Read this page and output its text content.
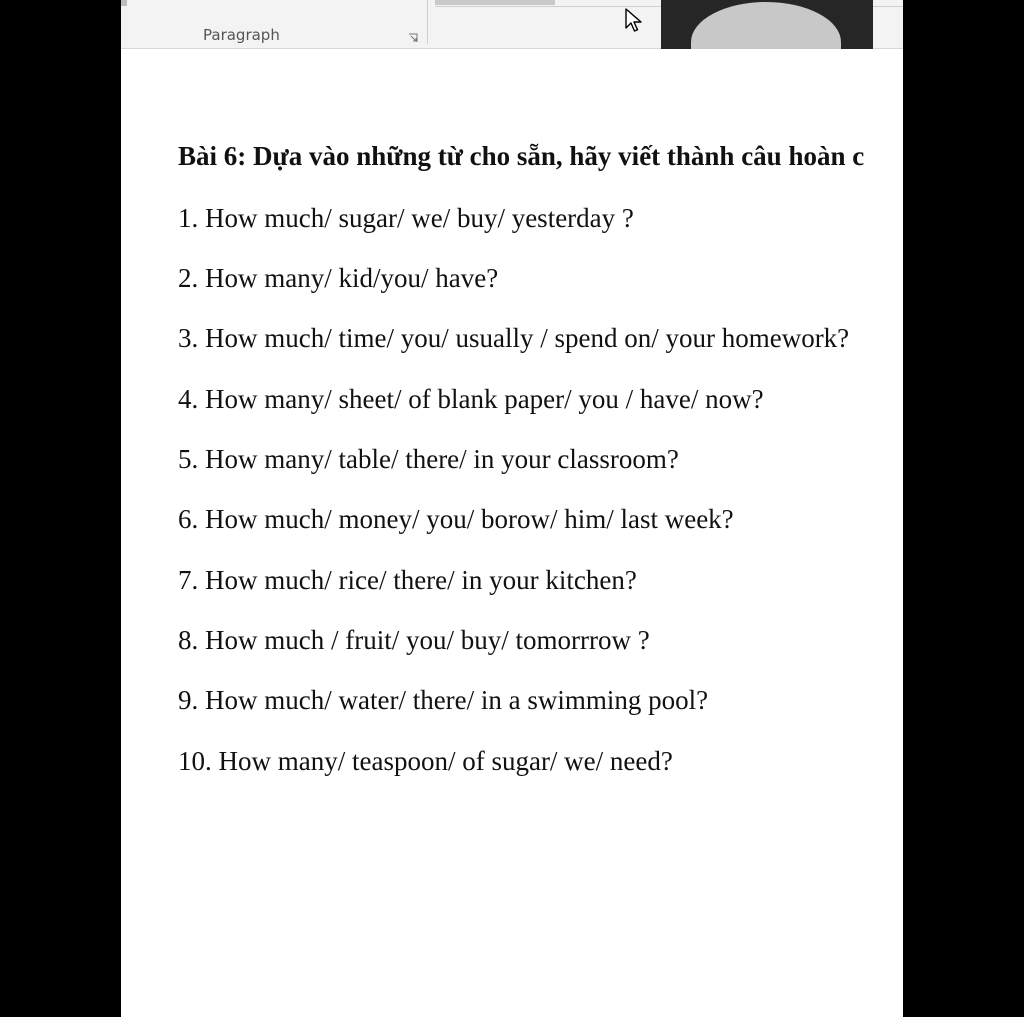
Paragraph

Bài 6: Dựa vào những từ cho sẵn, hãy viết thành câu hoàn c

1. How much/ sugar/ we/ buy/ yesterday ?

2. How many/ kid/you/ have?

3. How much/ time/ you/ usually / spend on/ your homework?

4. How many/ sheet/ of blank paper/ you / have/ now?

5. How many/ table/ there/ in your classroom?

6. How much/ money/ you/ borow/ him/ last week?

7. How much/ rice/ there/ in your kitchen?

8. How much / fruit/ you/ buy/ tomorrrow ?

9. How much/ water/ there/ in a swimming pool?

10. How many/ teaspoon/ of sugar/ we/ need?
